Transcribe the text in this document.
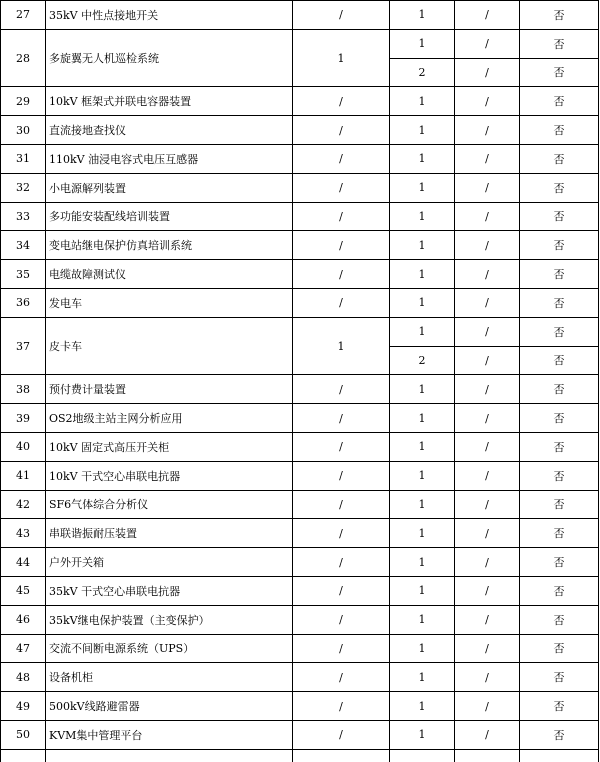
27	35kV 中性点接地开关	/	1	/	否
28	多旋翼无人机巡检系统	1	1	/	否
			2	/	否
29	10kV 框架式并联电容器装置	/	1	/	否
30	直流接地查找仪	/	1	/	否
31	110kV 油浸电容式电压互感器	/	1	/	否
32	小电源解列装置	/	1	/	否
33	多功能安装配线培训装置	/	1	/	否
34	变电站继电保护仿真培训系统	/	1	/	否
35	电缆故障测试仪	/	1	/	否
36	发电车	/	1	/	否
37	皮卡车	1	1	/	否
			2	/	否
38	预付费计量装置	/	1	/	否
39	OS2地级主站主网分析应用	/	1	/	否
40	10kV 固定式高压开关柜	/	1	/	否
41	10kV 干式空心串联电抗器	/	1	/	否
42	SF6气体综合分析仪	/	1	/	否
43	串联谐振耐压装置	/	1	/	否
44	户外开关箱	/	1	/	否
45	35kV 干式空心串联电抗器	/	1	/	否
46	35kV继电保护装置（主变保护）	/	1	/	否
47	交流不间断电源系统（UPS）	/	1	/	否
48	设备机柜	/	1	/	否
49	500kV线路避雷器	/	1	/	否
50	KVM集中管理平台	/	1	/	否
